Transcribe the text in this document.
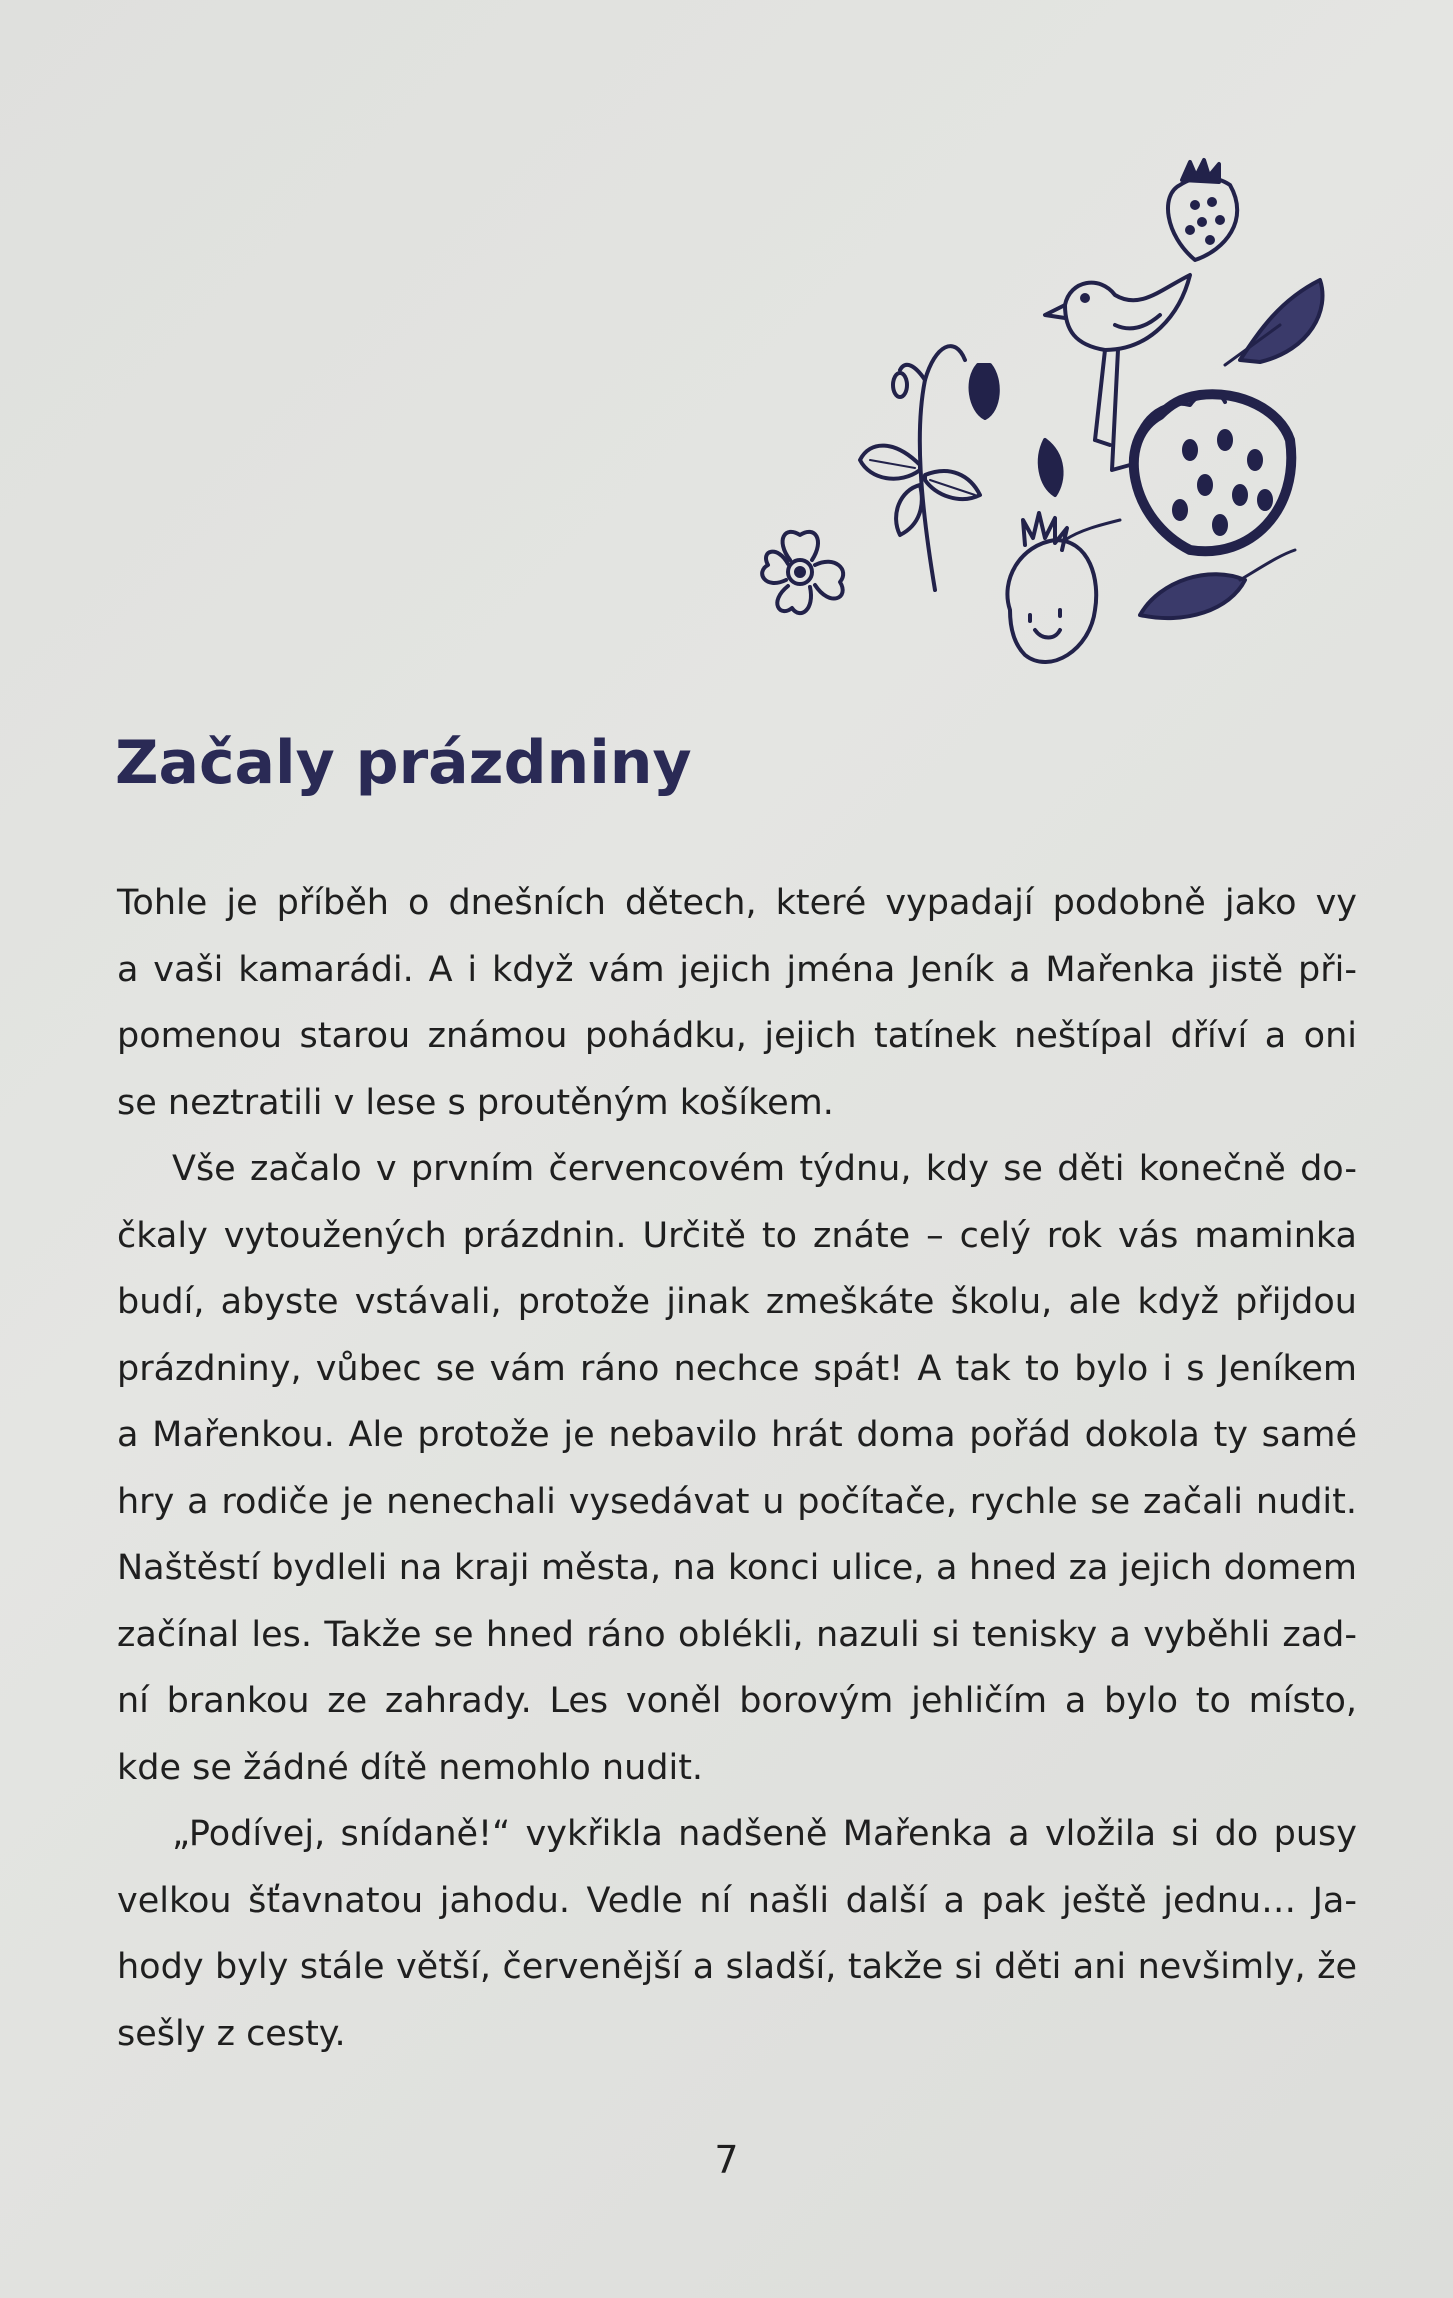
Začaly prázdniny

Tohle je příběh o dnešních dětech, které vypadají podobně jako vy
a vaši kamarádi. A i když vám jejich jména Jeník a Mařenka jistě při-
pomenou starou známou pohádku, jejich tatínek neštípal dříví a oni
se neztratili v lese s proutěným košíkem.

Vše začalo v prvním červencovém týdnu, kdy se děti konečně do-
čkaly vytoužených prázdnin. Určitě to znáte – celý rok vás maminka
budí, abyste vstávali, protože jinak zmeškáte školu, ale když přijdou
prázdniny, vůbec se vám ráno nechce spát! A tak to bylo i s Jeníkem
a Mařenkou. Ale protože je nebavilo hrát doma pořád dokola ty samé
hry a rodiče je nenechali vysedávat u počítače, rychle se začali nudit.
Naštěstí bydleli na kraji města, na konci ulice, a hned za jejich domem
začínal les. Takže se hned ráno oblékli, nazuli si tenisky a vyběhli zad-
ní brankou ze zahrady. Les voněl borovým jehličím a bylo to místo,
kde se žádné dítě nemohlo nudit.

„Podívej, snídaně!“ vykřikla nadšeně Mařenka a vložila si do pusy
velkou šťavnatou jahodu. Vedle ní našli další a pak ještě jednu… Ja-
hody byly stále větší, červenější a sladší, takže si děti ani nevšimly, že
sešly z cesty.

7
